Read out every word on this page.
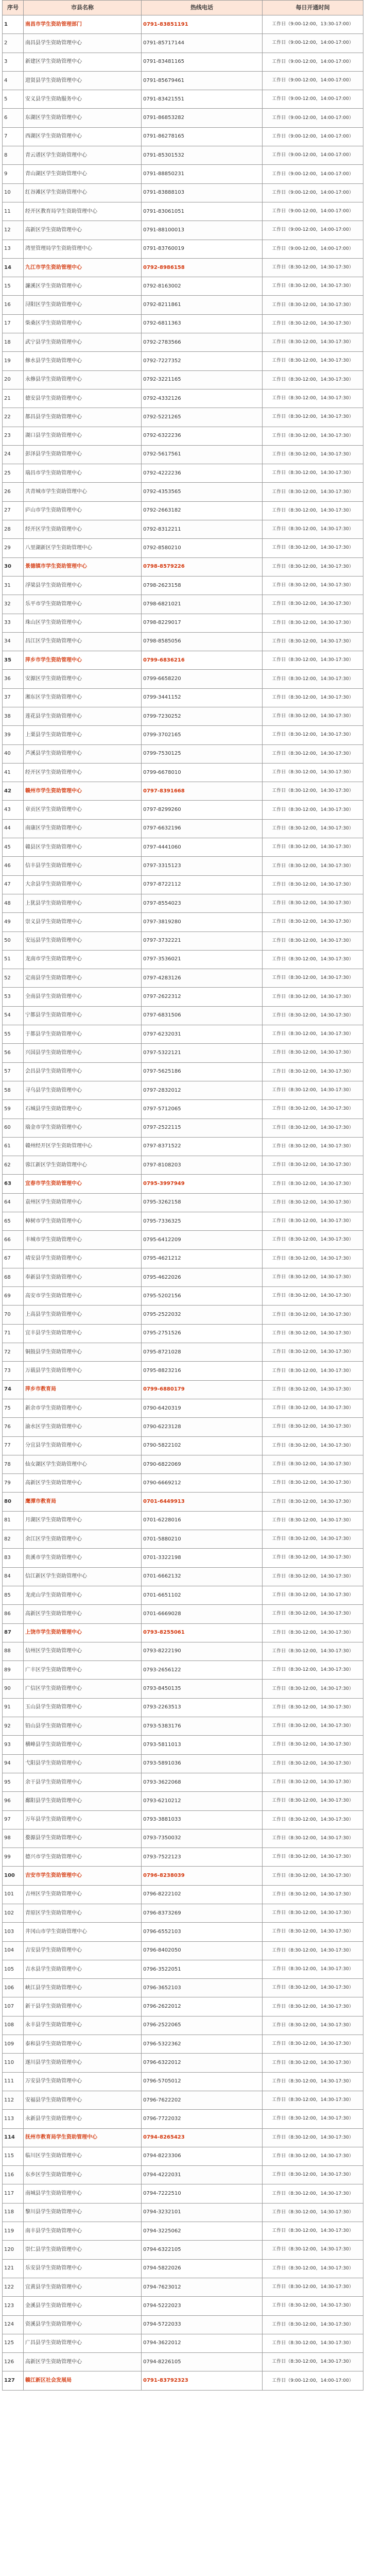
序号	市县名称	热线电话	每日开通时间
1	南昌市学生资助管理部门	0791-83851191	工作日（9:00-12:00，13:30-17:00）
2	南昌县学生资助管理中心	0791-85717144	工作日（9:00-12:00，14:00-17:00）
3	新建区学生资助管理中心	0791-83481165	工作日（9:00-12:00，14:00-17:00）
4	进贤县学生资助管理中心	0791-85679461	工作日（9:00-12:00，14:00-17:00）
5	安义县学生资助服务中心	0791-83421551	工作日（9:00-12:00，14:00-17:00）
6	东湖区学生资助管理中心	0791-86853282	工作日（9:00-12:00，14:00-17:00）
7	西湖区学生资助管理中心	0791-86278165	工作日（9:00-12:00，14:00-17:00）
8	青云谱区学生资助管理中心	0791-85301532	工作日（9:00-12:00，14:00-17:00）
9	青山湖区学生资助管理中心	0791-88850231	工作日（9:00-12:00，14:00-17:00）
10	红谷滩区学生资助管理中心	0791-83888103	工作日（9:00-12:00，14:00-17:00）
11	经开区教育局学生资助管理中心	0791-83061051	工作日（9:00-12:00，14:00-17:00）
12	高新区学生资助管理中心	0791-88100013	工作日（9:00-12:00，14:00-17:00）
13	湾里管理局学生资助管理中心	0791-83760019	工作日（9:00-12:00，14:00-17:00）
14	九江市学生资助管理中心	0792-8986158	工作日（8:30-12:00，14:30-17:30）
15	濂溪区学生资助管理中心	0792-8163002	工作日（8:30-12:00，14:30-17:30）
16	浔阳区学生资助管理中心	0792-8211861	工作日（8:30-12:00，14:30-17:30）
17	柴桑区学生资助管理中心	0792-6811363	工作日（8:30-12:00，14:30-17:30）
18	武宁县学生资助管理中心	0792-2783566	工作日（8:30-12:00，14:30-17:30）
19	修水县学生资助管理中心	0792-7227352	工作日（8:30-12:00，14:30-17:30）
20	永修县学生资助管理中心	0792-3221165	工作日（8:30-12:00，14:30-17:30）
21	德安县学生资助管理中心	0792-4332126	工作日（8:30-12:00，14:30-17:30）
22	都昌县学生资助管理中心	0792-5221265	工作日（8:30-12:00，14:30-17:30）
23	湖口县学生资助管理中心	0792-6322236	工作日（8:30-12:00，14:30-17:30）
24	彭泽县学生资助管理中心	0792-5617561	工作日（8:30-12:00，14:30-17:30）
25	瑞昌市学生资助管理中心	0792-4222236	工作日（8:30-12:00，14:30-17:30）
26	共青城市学生资助管理中心	0792-4353565	工作日（8:30-12:00，14:30-17:30）
27	庐山市学生资助管理中心	0792-2663182	工作日（8:30-12:00，14:30-17:30）
28	经开区学生资助管理中心	0792-8312211	工作日（8:30-12:00，14:30-17:30）
29	八里湖新区学生资助管理中心	0792-8580210	工作日（8:30-12:00，14:30-17:30）
30	景德镇市学生资助管理中心	0798-8579226	工作日（8:30-12:00，14:30-17:30）
31	浮梁县学生资助管理中心	0798-2623158	工作日（8:30-12:00，14:30-17:30）
32	乐平市学生资助管理中心	0798-6821021	工作日（8:30-12:00，14:30-17:30）
33	珠山区学生资助管理中心	0798-8229017	工作日（8:30-12:00，14:30-17:30）
34	昌江区学生资助管理中心	0798-8585056	工作日（8:30-12:00，14:30-17:30）
35	萍乡市学生资助管理中心	0799-6836216	工作日（8:30-12:00，14:30-17:30）
36	安源区学生资助管理中心	0799-6658220	工作日（8:30-12:00，14:30-17:30）
37	湘东区学生资助管理中心	0799-3441152	工作日（8:30-12:00，14:30-17:30）
38	莲花县学生资助管理中心	0799-7230252	工作日（8:30-12:00，14:30-17:30）
39	上栗县学生资助管理中心	0799-3702165	工作日（8:30-12:00，14:30-17:30）
40	芦溪县学生资助管理中心	0799-7530125	工作日（8:30-12:00，14:30-17:30）
41	经开区学生资助管理中心	0799-6678010	工作日（8:30-12:00，14:30-17:30）
42	赣州市学生资助管理中心	0797-8391668	工作日（8:30-12:00，14:30-17:30）
43	章贡区学生资助管理中心	0797-8299260	工作日（8:30-12:00，14:30-17:30）
44	南康区学生资助管理中心	0797-6632196	工作日（8:30-12:00，14:30-17:30）
45	赣县区学生资助管理中心	0797-4441060	工作日（8:30-12:00，14:30-17:30）
46	信丰县学生资助管理中心	0797-3315123	工作日（8:30-12:00，14:30-17:30）
47	大余县学生资助管理中心	0797-8722112	工作日（8:30-12:00，14:30-17:30）
48	上犹县学生资助管理中心	0797-8554023	工作日（8:30-12:00，14:30-17:30）
49	崇义县学生资助管理中心	0797-3819280	工作日（8:30-12:00，14:30-17:30）
50	安远县学生资助管理中心	0797-3732221	工作日（8:30-12:00，14:30-17:30）
51	龙南市学生资助管理中心	0797-3536021	工作日（8:30-12:00，14:30-17:30）
52	定南县学生资助管理中心	0797-4283126	工作日（8:30-12:00，14:30-17:30）
53	全南县学生资助管理中心	0797-2622312	工作日（8:30-12:00，14:30-17:30）
54	宁都县学生资助管理中心	0797-6831506	工作日（8:30-12:00，14:30-17:30）
55	于都县学生资助管理中心	0797-6232031	工作日（8:30-12:00，14:30-17:30）
56	兴国县学生资助管理中心	0797-5322121	工作日（8:30-12:00，14:30-17:30）
57	会昌县学生资助管理中心	0797-5625186	工作日（8:30-12:00，14:30-17:30）
58	寻乌县学生资助管理中心	0797-2832012	工作日（8:30-12:00，14:30-17:30）
59	石城县学生资助管理中心	0797-5712065	工作日（8:30-12:00，14:30-17:30）
60	瑞金市学生资助管理中心	0797-2522115	工作日（8:30-12:00，14:30-17:30）
61	赣州经开区学生资助管理中心	0797-8371522	工作日（8:30-12:00，14:30-17:30）
62	蓉江新区学生资助管理中心	0797-8108203	工作日（8:30-12:00，14:30-17:30）
63	宜春市学生资助管理中心	0795-3997949	工作日（8:30-12:00，14:30-17:30）
64	袁州区学生资助管理中心	0795-3262158	工作日（8:30-12:00，14:30-17:30）
65	樟树市学生资助管理中心	0795-7336325	工作日（8:30-12:00，14:30-17:30）
66	丰城市学生资助管理中心	0795-6412209	工作日（8:30-12:00，14:30-17:30）
67	靖安县学生资助管理中心	0795-4621212	工作日（8:30-12:00，14:30-17:30）
68	奉新县学生资助管理中心	0795-4622026	工作日（8:30-12:00，14:30-17:30）
69	高安市学生资助管理中心	0795-5202156	工作日（8:30-12:00，14:30-17:30）
70	上高县学生资助管理中心	0795-2522032	工作日（8:30-12:00，14:30-17:30）
71	宜丰县学生资助管理中心	0795-2751526	工作日（8:30-12:00，14:30-17:30）
72	铜鼓县学生资助管理中心	0795-8721028	工作日（8:30-12:00，14:30-17:30）
73	万载县学生资助管理中心	0795-8823216	工作日（8:30-12:00，14:30-17:30）
74	萍乡市教育局	0799-6880179	工作日（8:30-12:00，14:30-17:30）
75	新余市学生资助管理中心	0790-6420319	工作日（8:30-12:00，14:30-17:30）
76	渝水区学生资助管理中心	0790-6223128	工作日（8:30-12:00，14:30-17:30）
77	分宜县学生资助管理中心	0790-5822102	工作日（8:30-12:00，14:30-17:30）
78	仙女湖区学生资助管理中心	0790-6822069	工作日（8:30-12:00，14:30-17:30）
79	高新区学生资助管理中心	0790-6669212	工作日（8:30-12:00，14:30-17:30）
80	鹰潭市教育局	0701-6449913	工作日（8:30-12:00，14:30-17:30）
81	月湖区学生资助管理中心	0701-6228016	工作日（8:30-12:00，14:30-17:30）
82	余江区学生资助管理中心	0701-5880210	工作日（8:30-12:00，14:30-17:30）
83	贵溪市学生资助管理中心	0701-3322198	工作日（8:30-12:00，14:30-17:30）
84	信江新区学生资助管理中心	0701-6662132	工作日（8:30-12:00，14:30-17:30）
85	龙虎山学生资助管理中心	0701-6651102	工作日（8:30-12:00，14:30-17:30）
86	高新区学生资助管理中心	0701-6669028	工作日（8:30-12:00，14:30-17:30）
87	上饶市学生资助管理中心	0793-8255061	工作日（8:30-12:00，14:30-17:30）
88	信州区学生资助管理中心	0793-8222190	工作日（8:30-12:00，14:30-17:30）
89	广丰区学生资助管理中心	0793-2656122	工作日（8:30-12:00，14:30-17:30）
90	广信区学生资助管理中心	0793-8450135	工作日（8:30-12:00，14:30-17:30）
91	玉山县学生资助管理中心	0793-2263513	工作日（8:30-12:00，14:30-17:30）
92	铅山县学生资助管理中心	0793-5383176	工作日（8:30-12:00，14:30-17:30）
93	横峰县学生资助管理中心	0793-5811013	工作日（8:30-12:00，14:30-17:30）
94	弋阳县学生资助管理中心	0793-5891036	工作日（8:30-12:00，14:30-17:30）
95	余干县学生资助管理中心	0793-3622068	工作日（8:30-12:00，14:30-17:30）
96	鄱阳县学生资助管理中心	0793-6210212	工作日（8:30-12:00，14:30-17:30）
97	万年县学生资助管理中心	0793-3881033	工作日（8:30-12:00，14:30-17:30）
98	婺源县学生资助管理中心	0793-7350032	工作日（8:30-12:00，14:30-17:30）
99	德兴市学生资助管理中心	0793-7522123	工作日（8:30-12:00，14:30-17:30）
100	吉安市学生资助管理中心	0796-8238039	工作日（8:30-12:00，14:30-17:30）
101	吉州区学生资助管理中心	0796-8222102	工作日（8:30-12:00，14:30-17:30）
102	青原区学生资助管理中心	0796-8373269	工作日（8:30-12:00，14:30-17:30）
103	井冈山市学生资助管理中心	0796-6552103	工作日（8:30-12:00，14:30-17:30）
104	吉安县学生资助管理中心	0796-8402050	工作日（8:30-12:00，14:30-17:30）
105	吉水县学生资助管理中心	0796-3522051	工作日（8:30-12:00，14:30-17:30）
106	峡江县学生资助管理中心	0796-3652103	工作日（8:30-12:00，14:30-17:30）
107	新干县学生资助管理中心	0796-2622012	工作日（8:30-12:00，14:30-17:30）
108	永丰县学生资助管理中心	0796-2522065	工作日（8:30-12:00，14:30-17:30）
109	泰和县学生资助管理中心	0796-5322362	工作日（8:30-12:00，14:30-17:30）
110	遂川县学生资助管理中心	0796-6322012	工作日（8:30-12:00，14:30-17:30）
111	万安县学生资助管理中心	0796-5705012	工作日（8:30-12:00，14:30-17:30）
112	安福县学生资助管理中心	0796-7622202	工作日（8:30-12:00，14:30-17:30）
113	永新县学生资助管理中心	0796-7722032	工作日（8:30-12:00，14:30-17:30）
114	抚州市教育局学生资助管理中心	0794-8265423	工作日（8:30-12:00，14:30-17:30）
115	临川区学生资助管理中心	0794-8223306	工作日（8:30-12:00，14:30-17:30）
116	东乡区学生资助管理中心	0794-4222031	工作日（8:30-12:00，14:30-17:30）
117	南城县学生资助管理中心	0794-7222510	工作日（8:30-12:00，14:30-17:30）
118	黎川县学生资助管理中心	0794-3232101	工作日（8:30-12:00，14:30-17:30）
119	南丰县学生资助管理中心	0794-3225062	工作日（8:30-12:00，14:30-17:30）
120	崇仁县学生资助管理中心	0794-6322105	工作日（8:30-12:00，14:30-17:30）
121	乐安县学生资助管理中心	0794-5822026	工作日（8:30-12:00，14:30-17:30）
122	宜黄县学生资助管理中心	0794-7623012	工作日（8:30-12:00，14:30-17:30）
123	金溪县学生资助管理中心	0794-5222023	工作日（8:30-12:00，14:30-17:30）
124	资溪县学生资助管理中心	0794-5722033	工作日（8:30-12:00，14:30-17:30）
125	广昌县学生资助管理中心	0794-3622012	工作日（8:30-12:00，14:30-17:30）
126	高新区学生资助管理中心	0794-8226105	工作日（8:30-12:00，14:30-17:30）
127	赣江新区社会发展局	0791-83792323	工作日（9:00-12:00，14:00-17:00）
